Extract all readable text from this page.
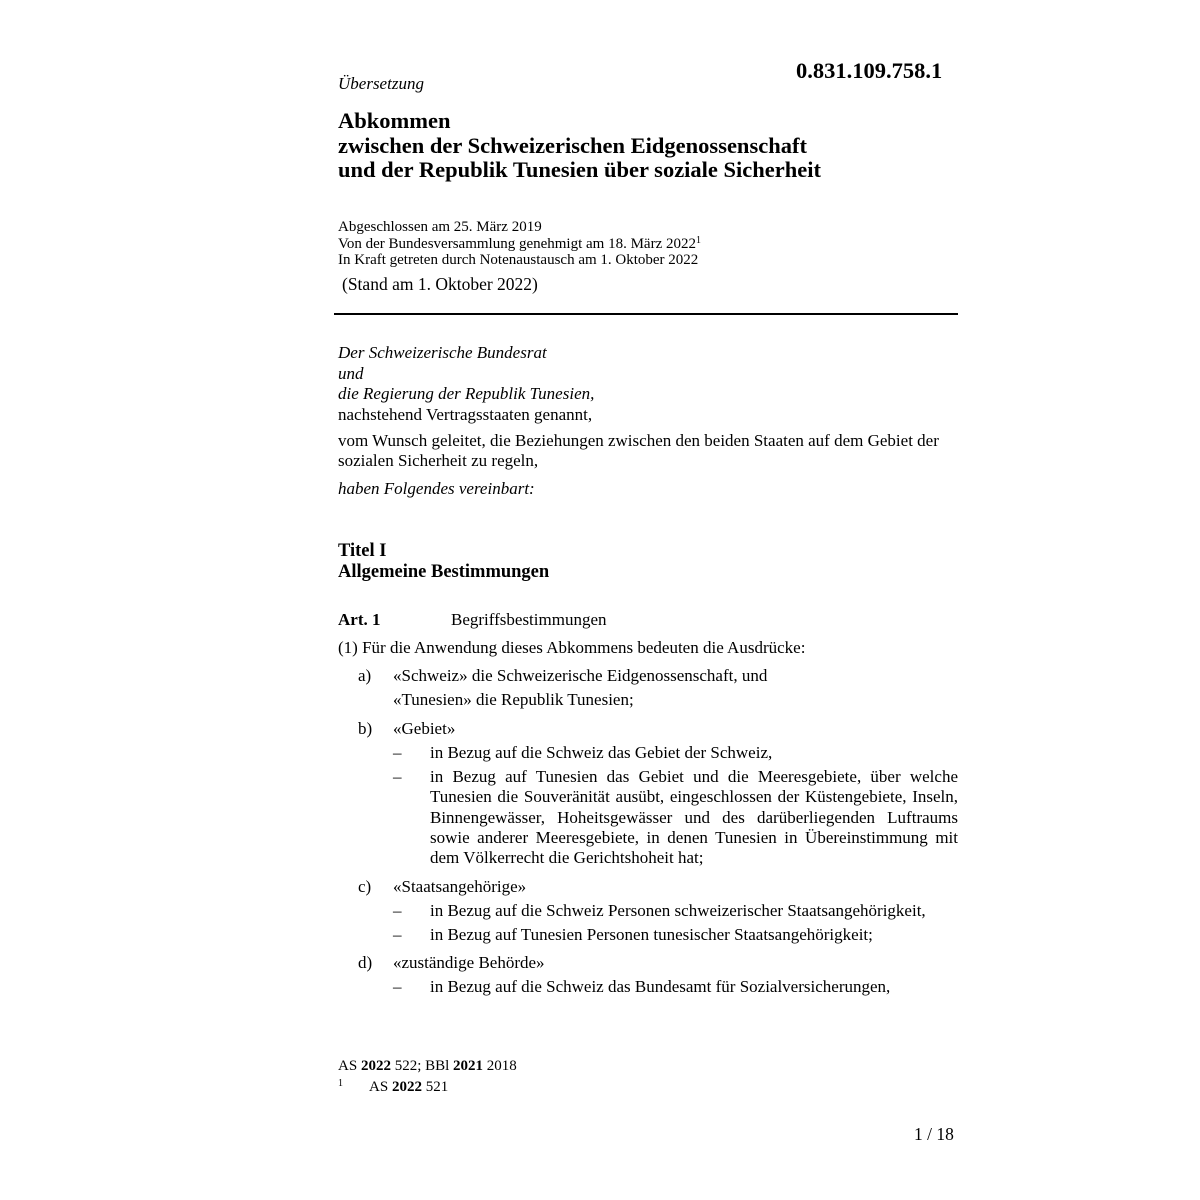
Übersetzung
0.831.109.758.1
Abkommen
zwischen der Schweizerischen Eidgenossenschaft
und der Republik Tunesien über soziale Sicherheit
Abgeschlossen am 25. März 2019
Von der Bundesversammlung genehmigt am 18. März 2022$^1$
In Kraft getreten durch Notenaustausch am 1. Oktober 2022
(Stand am 1. Oktober 2022)
Der Schweizerische Bundesrat
und
die Regierung der Republik Tunesien,
nachstehend Vertragsstaaten genannt,
vom Wunsch geleitet, die Beziehungen zwischen den beiden Staaten auf dem Gebiet der sozialen Sicherheit zu regeln,
haben Folgendes vereinbart:
Titel I
Allgemeine Bestimmungen
Art. 1	Begriffsbestimmungen
(1) Für die Anwendung dieses Abkommens bedeuten die Ausdrücke:
a) «Schweiz» die Schweizerische Eidgenossenschaft, und
«Tunesien» die Republik Tunesien;
b) «Gebiet»
– in Bezug auf die Schweiz das Gebiet der Schweiz,
– in Bezug auf Tunesien das Gebiet und die Meeresgebiete, über welche Tunesien die Souveränität ausübt, eingeschlossen der Küstengebiete, Inseln, Binnengewässer, Hoheitsgewässer und des darüberliegenden Luftraums sowie anderer Meeresgebiete, in denen Tunesien in Übereinstimmung mit dem Völkerrecht die Gerichtshoheit hat;
c) «Staatsangehörige»
– in Bezug auf die Schweiz Personen schweizerischer Staatsangehörigkeit,
– in Bezug auf Tunesien Personen tunesischer Staatsangehörigkeit;
d) «zuständige Behörde»
– in Bezug auf die Schweiz das Bundesamt für Sozialversicherungen,
AS 2022 522; BBl 2021 2018
$^1$ AS 2022 521
1 / 18
